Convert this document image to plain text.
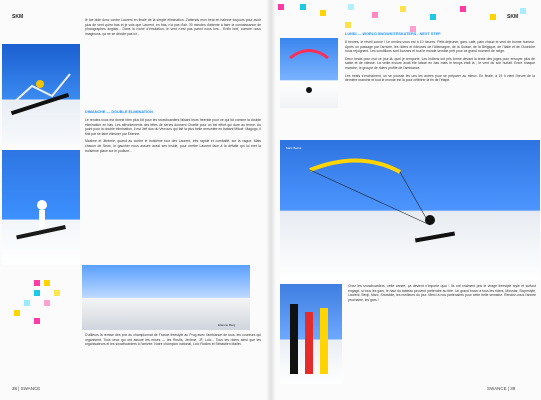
SKM	le toe bide donc contre Laurent en finale de la simple élimination. J'attends mon heat en haleine toujours pour avoir plus de vent qu'en bas et je vois que Laurent, en bas, n'a pas d'air. 30 minutes d'attente à faire la connaissance de photographes anglais... Dans la roche d'émulation, le vent n'est pas parmi nous lors... Enfin bref, comme nous imaginons, ça ne se décide pas ici...

DIMANCHE — DOUBLE ÉLIMINATION

Le rendez-vous est donné bien plus tôt pour les snowboarders faisant leurs freeride pour ce qui fut comme la double élimination en bas. Les affrontements des têtes de séries donnent Charlie pour un bel effort qui dure au terme. Au point pour la double élimination, il est Jeff dos du Verrouru qui fait la plus belle remontée en battant Mikoë. Magogo, il finit par se faire éliminer par Etienne.

Maxime et Jérémie, quand au contre le troisième tour des Laurent, très rapide et combattif, sur la vague. Mais chacun de Sean, le gaucher nous assure aussi ses inside, pour mettre Laurent face à la défaite qui lui met la troisième place sur le podium...

Etienne Berg

D'ailleurs la remise des prix du championnat de France freestyle au Prog avec l'ambiance de tous, les coureurs qui organisent. Tous ceux qui ont assuré les mises — les Roulis, Jérôme, JF, Loïc... Tous les riders ainsi que les organisateurs et les snowboarders à l'arrivée. Notre champion national, Loïc Roldes et Sébastien Mallet.

38 | SWANCE
SKM
LUNDI — WORLD SNOWKITESKATERS - NEXT STEP

8 heures, le réveil sonne ! Le rendez-vous est à 10 heures. Petit-déjeuner, gars, cafe, pain chaud et vent de bonne humeur. Après un passage par l'arrivée, les riders et rideuses de l'Allemagne, de la Suisse, de la Belgique, de l'Italie et de l'Autriche nous rejoignent. Les conditions sont bonnes et tout le monde semble prêt pour ce grand moment de neige.

Deux heats pour moi ce jour-là, quel je remporte. Les Indiens ont pris forme devant la tente des juges pour envoyer plus de sable et de vitesse. La veille encore avait été laissé en bas mais le temps était là ; le vent du soir hurlait. Entre chaque manche, le groupe de riders profite de l'ambiance.

Les heats s'enchaînent, on se pousse les uns les autres pour se préparer au mieux. En finale, à 19 h vient l'heure de la dernière manche et tout le monde est là pour célébrer la fin de l'étape.

Marc Bettot

Chez les snowboarders, cette année, ça devient n'importe quoi ! Ils ont vraiment pris le virage freestyle style et surtout engagé, si tous les gars, le haut du tableau peuvent prétendre au titre. Un grand bravo à tous les riders, Moustar, Slopestyle, Laurent, Benji, Marc, Snowkite, les meilleurs du jour. Merci à nos partenaires pour cette belle semaine. Rendez-vous l'année prochaine, les gars !

SWANCE | 39
